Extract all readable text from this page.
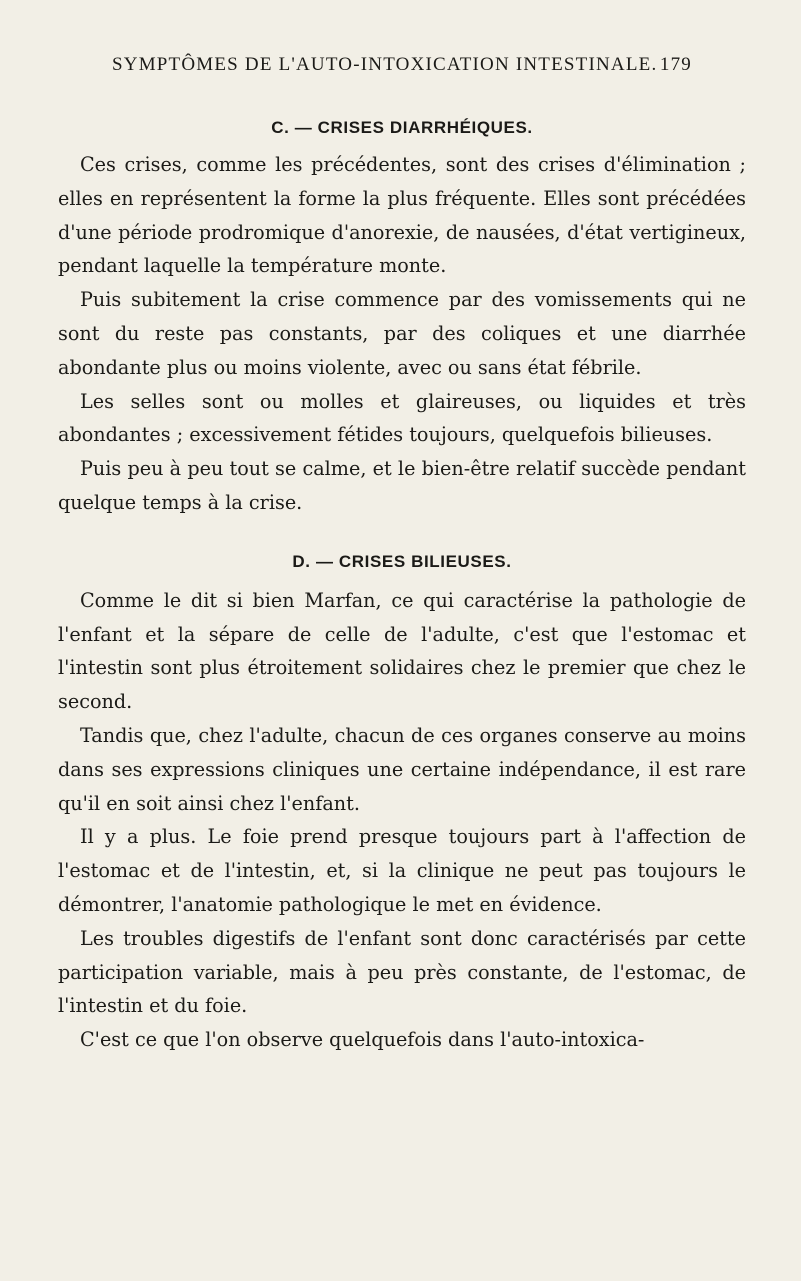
SYMPTÔMES DE L'AUTO-INTOXICATION INTESTINALE. 179
C. — CRISES DIARRHÉIQUES.

Ces crises, comme les précédentes, sont des crises d'élimination ; elles en représentent la forme la plus fréquente. Elles sont précédées d'une période prodromique d'anorexie, de nausées, d'état vertigineux, pendant laquelle la température monte.

Puis subitement la crise commence par des vomissements qui ne sont du reste pas constants, par des coliques et une diarrhée abondante plus ou moins violente, avec ou sans état fébrile.

Les selles sont ou molles et glaireuses, ou liquides et très abondantes ; excessivement fétides toujours, quelquefois bilieuses.

Puis peu à peu tout se calme, et le bien-être relatif succède pendant quelque temps à la crise.

D. — CRISES BILIEUSES.

Comme le dit si bien Marfan, ce qui caractérise la pathologie de l'enfant et la sépare de celle de l'adulte, c'est que l'estomac et l'intestin sont plus étroitement solidaires chez le premier que chez le second.

Tandis que, chez l'adulte, chacun de ces organes conserve au moins dans ses expressions cliniques une certaine indépendance, il est rare qu'il en soit ainsi chez l'enfant.

Il y a plus. Le foie prend presque toujours part à l'affection de l'estomac et de l'intestin, et, si la clinique ne peut pas toujours le démontrer, l'anatomie pathologique le met en évidence.

Les troubles digestifs de l'enfant sont donc caractérisés par cette participation variable, mais à peu près constante, de l'estomac, de l'intestin et du foie.

C'est ce que l'on observe quelquefois dans l'auto-intoxica-
